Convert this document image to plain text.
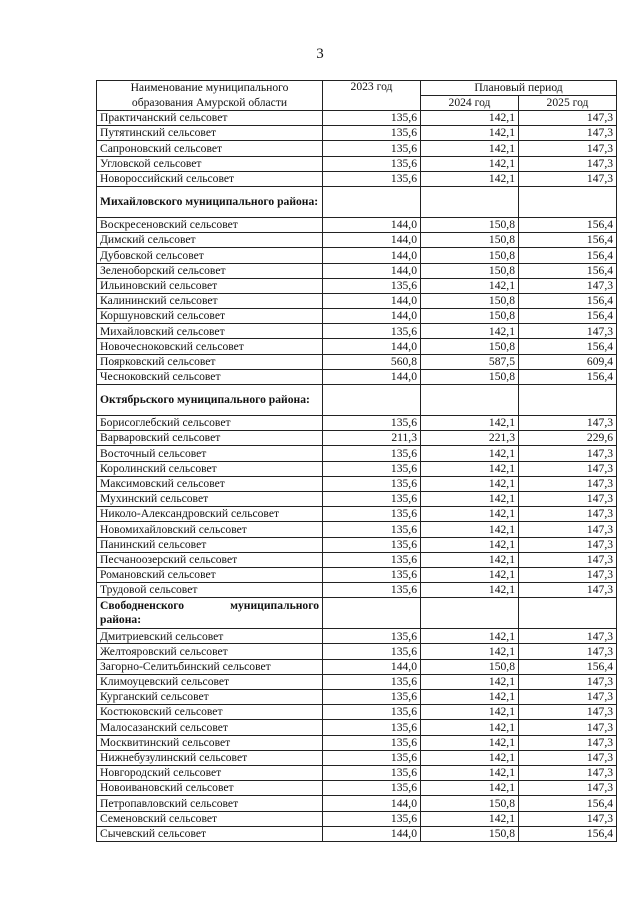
3
Наименование муниципального образования Амурской области	2023 год	Плановый период	
		2024 год	2025 год
Практичанский сельсовет	135,6	142,1	147,3
Путятинский сельсовет	135,6	142,1	147,3
Сапроновский сельсовет	135,6	142,1	147,3
Угловской сельсовет	135,6	142,1	147,3
Новороссийский сельсовет	135,6	142,1	147,3
Михайловского муниципального района:			
Воскресеновский сельсовет	144,0	150,8	156,4
Димский сельсовет	144,0	150,8	156,4
Дубовской сельсовет	144,0	150,8	156,4
Зеленоборский сельсовет	144,0	150,8	156,4
Ильиновский сельсовет	135,6	142,1	147,3
Калининский сельсовет	144,0	150,8	156,4
Коршуновский сельсовет	144,0	150,8	156,4
Михайловский сельсовет	135,6	142,1	147,3
Новочесноковский сельсовет	144,0	150,8	156,4
Поярковский сельсовет	560,8	587,5	609,4
Чесноковский сельсовет	144,0	150,8	156,4
Октябрьского муниципального района:			
Борисоглебский сельсовет	135,6	142,1	147,3
Варваровский сельсовет	211,3	221,3	229,6
Восточный сельсовет	135,6	142,1	147,3
Королинский сельсовет	135,6	142,1	147,3
Максимовский сельсовет	135,6	142,1	147,3
Мухинский сельсовет	135,6	142,1	147,3
Николо-Александровский сельсовет	135,6	142,1	147,3
Новомихайловский сельсовет	135,6	142,1	147,3
Панинский сельсовет	135,6	142,1	147,3
Песчаноозерский сельсовет	135,6	142,1	147,3
Романовский сельсовет	135,6	142,1	147,3
Трудовой сельсовет	135,6	142,1	147,3
Свободненского муниципального района:			
Дмитриевский сельсовет	135,6	142,1	147,3
Желтояровский сельсовет	135,6	142,1	147,3
Загорно-Селитьбинский сельсовет	144,0	150,8	156,4
Климоуцевский сельсовет	135,6	142,1	147,3
Курганский сельсовет	135,6	142,1	147,3
Костюковский сельсовет	135,6	142,1	147,3
Малосазанский сельсовет	135,6	142,1	147,3
Москвитинский сельсовет	135,6	142,1	147,3
Нижнебузулинский сельсовет	135,6	142,1	147,3
Новгородский сельсовет	135,6	142,1	147,3
Новоивановский сельсовет	135,6	142,1	147,3
Петропавловский сельсовет	144,0	150,8	156,4
Семеновский сельсовет	135,6	142,1	147,3
Сычевский сельсовет	144,0	150,8	156,4
